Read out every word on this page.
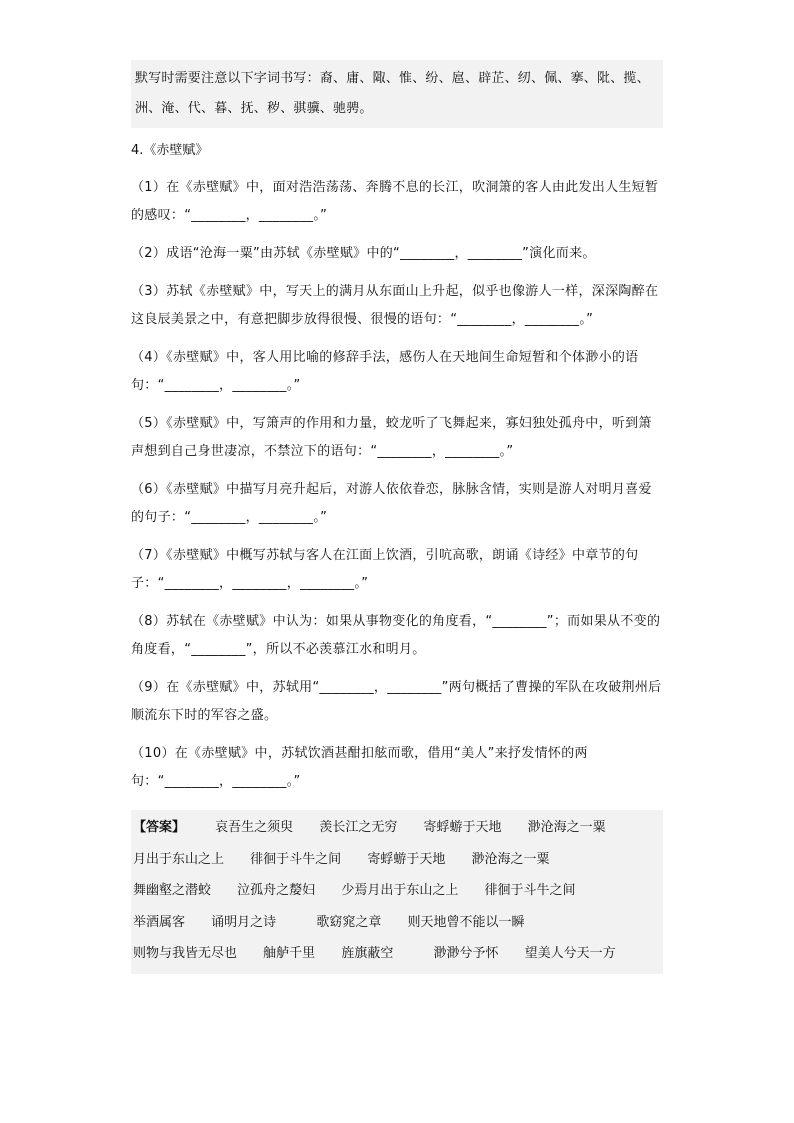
默写时需要注意以下字词书写：裔、庸、陬、惟、纷、扈、辟芷、纫、佩、搴、阰、揽、洲、淹、代、暮、抚、秽、骐骥、驰骋。
4.《赤壁赋》
（1）在《赤壁赋》中，面对浩浩荡荡、奔腾不息的长江，吹洞箫的客人由此发出人生短暂的感叹：“________，________。”
（2）成语“沧海一粟”由苏轼《赤壁赋》中的“________，________”演化而来。
（3）苏轼《赤壁赋》中，写天上的满月从东面山上升起，似乎也像游人一样，深深陶醉在这良辰美景之中，有意把脚步放得很慢、很慢的语句：“________，________。”
（4）《赤壁赋》中，客人用比喻的修辞手法，感伤人在天地间生命短暂和个体渺小的语句：“________，________。”
（5）《赤壁赋》中，写箫声的作用和力量，蛟龙听了飞舞起来，寡妇独处孤舟中，听到箫声想到自己身世凄凉，不禁泣下的语句：“________，________。”
（6）《赤壁赋》中描写月亮升起后，对游人依依眷恋，脉脉含情，实则是游人对明月喜爱的句子：“________，________。”
（7）《赤壁赋》中概写苏轼与客人在江面上饮酒，引吭高歌，朗诵《诗经》中章节的句子：“________，________，________。”
（8）苏轼在《赤壁赋》中认为：如果从事物变化的角度看，“________”；而如果从不变的角度看，“________”，所以不必羡慕江水和明月。
（9）在《赤壁赋》中，苏轼用“________，________”两句概括了曹操的军队在攻破荆州后顺流东下时的军容之盛。
（10）在《赤壁赋》中，苏轼饮酒甚酣扣舷而歌，借用“美人”来抒发情怀的两句：“________，________。”
【答案】 哀吾生之须臾 羡长江之无穷 寄蜉蝣于天地 渺沧海之一粟 月出于东山之上 徘徊于斗牛之间 寄蜉蝣于天地 渺沧海之一粟 舞幽壑之潜蛟 泣孤舟之嫠妇 少焉月出于东山之上 徘徊于斗牛之间 举酒属客 诵明月之诗	歌窈窕之章 则天地曾不能以一瞬 则物与我皆无尽也 舳舻千里 旌旗蔽空	渺渺兮予怀 望美人兮天一方
